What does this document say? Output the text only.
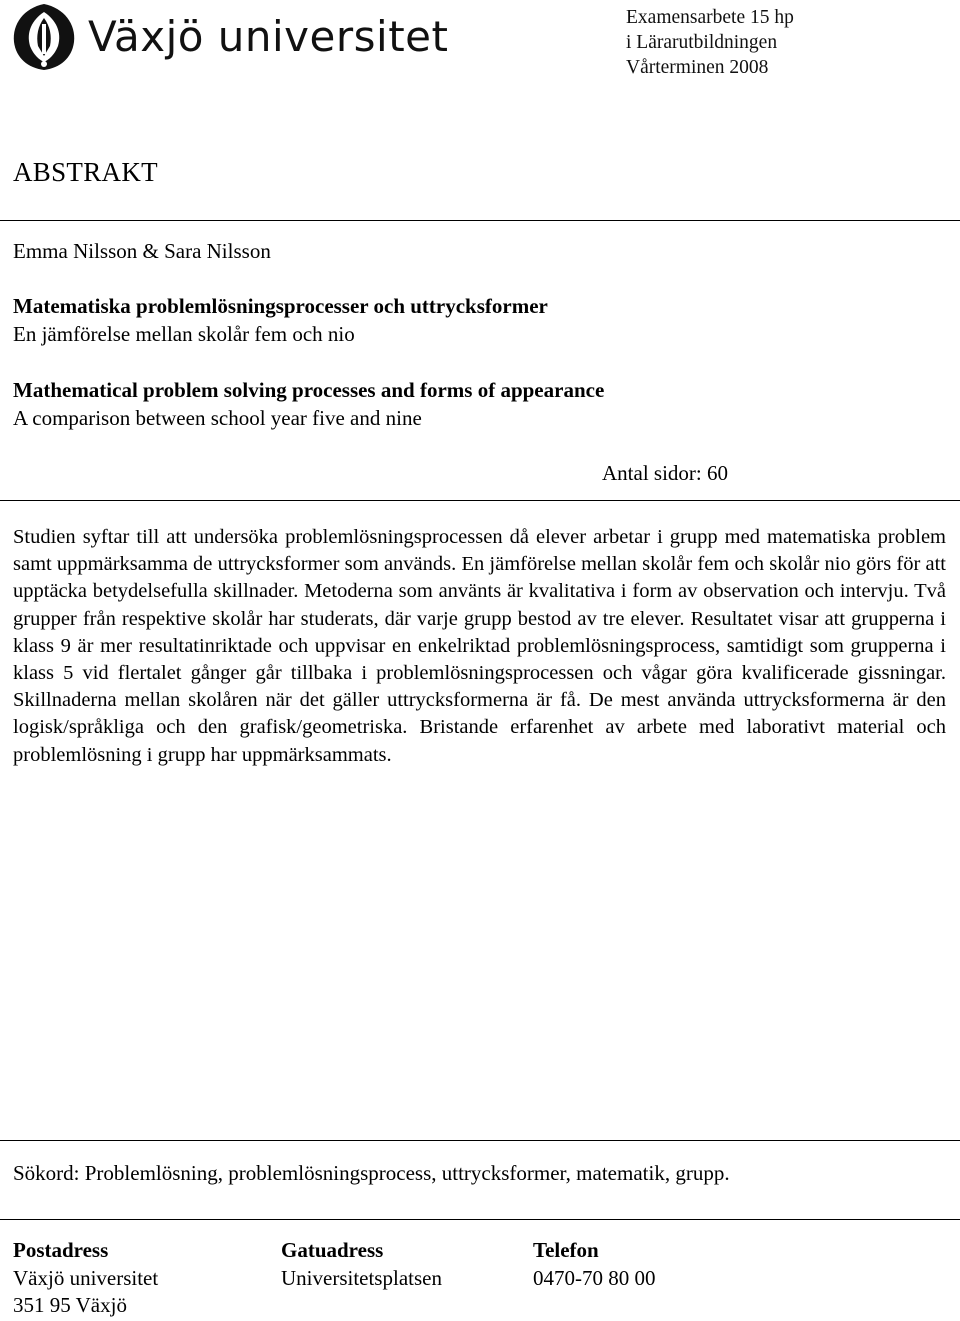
Växjö universitet	Examensarbete 15 hp
i Lärarutbildningen
Vårterminen 2008
ABSTRAKT
Emma Nilsson & Sara Nilsson
Matematiska problemlösningsprocesser och uttrycksformer
En jämförelse mellan skolår fem och nio
Mathematical problem solving processes and forms of appearance
A comparison between school year five and nine
Antal sidor: 60

Studien syftar till att undersöka problemlösningsprocessen då elever arbetar i grupp med matematiska problem samt uppmärksamma de uttrycksformer som används. En jämförelse mellan skolår fem och skolår nio görs för att upptäcka betydelsefulla skillnader. Metoderna som använts är kvalitativa i form av observation och intervju. Två grupper från respektive skolår har studerats, där varje grupp bestod av tre elever. Resultatet visar att grupperna i klass 9 är mer resultatinriktade och uppvisar en enkelriktad problemlösningsprocess, samtidigt som grupperna i klass 5 vid flertalet gånger går tillbaka i problemlösningsprocessen och vågar göra kvalificerade gissningar. Skillnaderna mellan skolåren när det gäller uttrycksformerna är få. De mest använda uttrycksformerna är den logisk/språkliga och den grafisk/geometriska. Bristande erfarenhet av arbete med laborativt material och problemlösning i grupp har uppmärksammats.

Sökord: Problemlösning, problemlösningsprocess, uttrycksformer, matematik, grupp.
Postadress
Växjö universitet
351 95 Växjö
Gatuadress
Universitetsplatsen
Telefon
0470-70 80 00
